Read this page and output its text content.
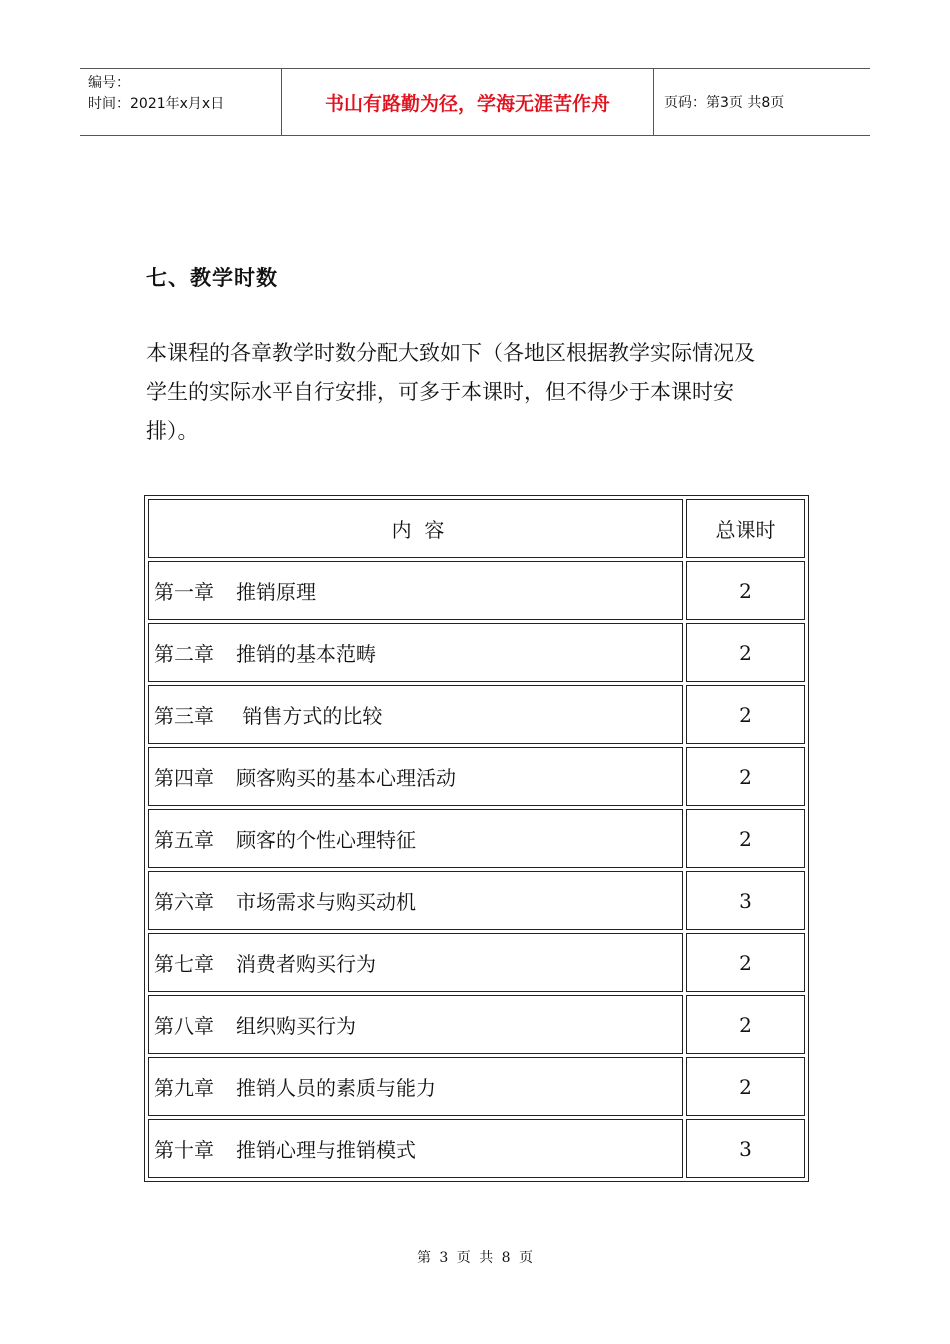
编号：
时间：2021年x月x日	书山有路勤为径，学海无涯苦作舟	页码：第3页 共8页
七、教学时数

本课程的各章教学时数分配大致如下（各地区根据教学实际情况及
学生的实际水平自行安排，可多于本课时，但不得少于本课时安
排）。

内  容	总课时
第一章 推销原理	2
第二章 推销的基本范畴	2
第三章 销售方式的比较	2
第四章 顾客购买的基本心理活动	2
第五章 顾客的个性心理特征	2
第六章 市场需求与购买动机	3
第七章 消费者购买行为	2
第八章 组织购买行为	2
第九章 推销人员的素质与能力	2
第十章 推销心理与推销模式	3
第 3 页 共 8 页
